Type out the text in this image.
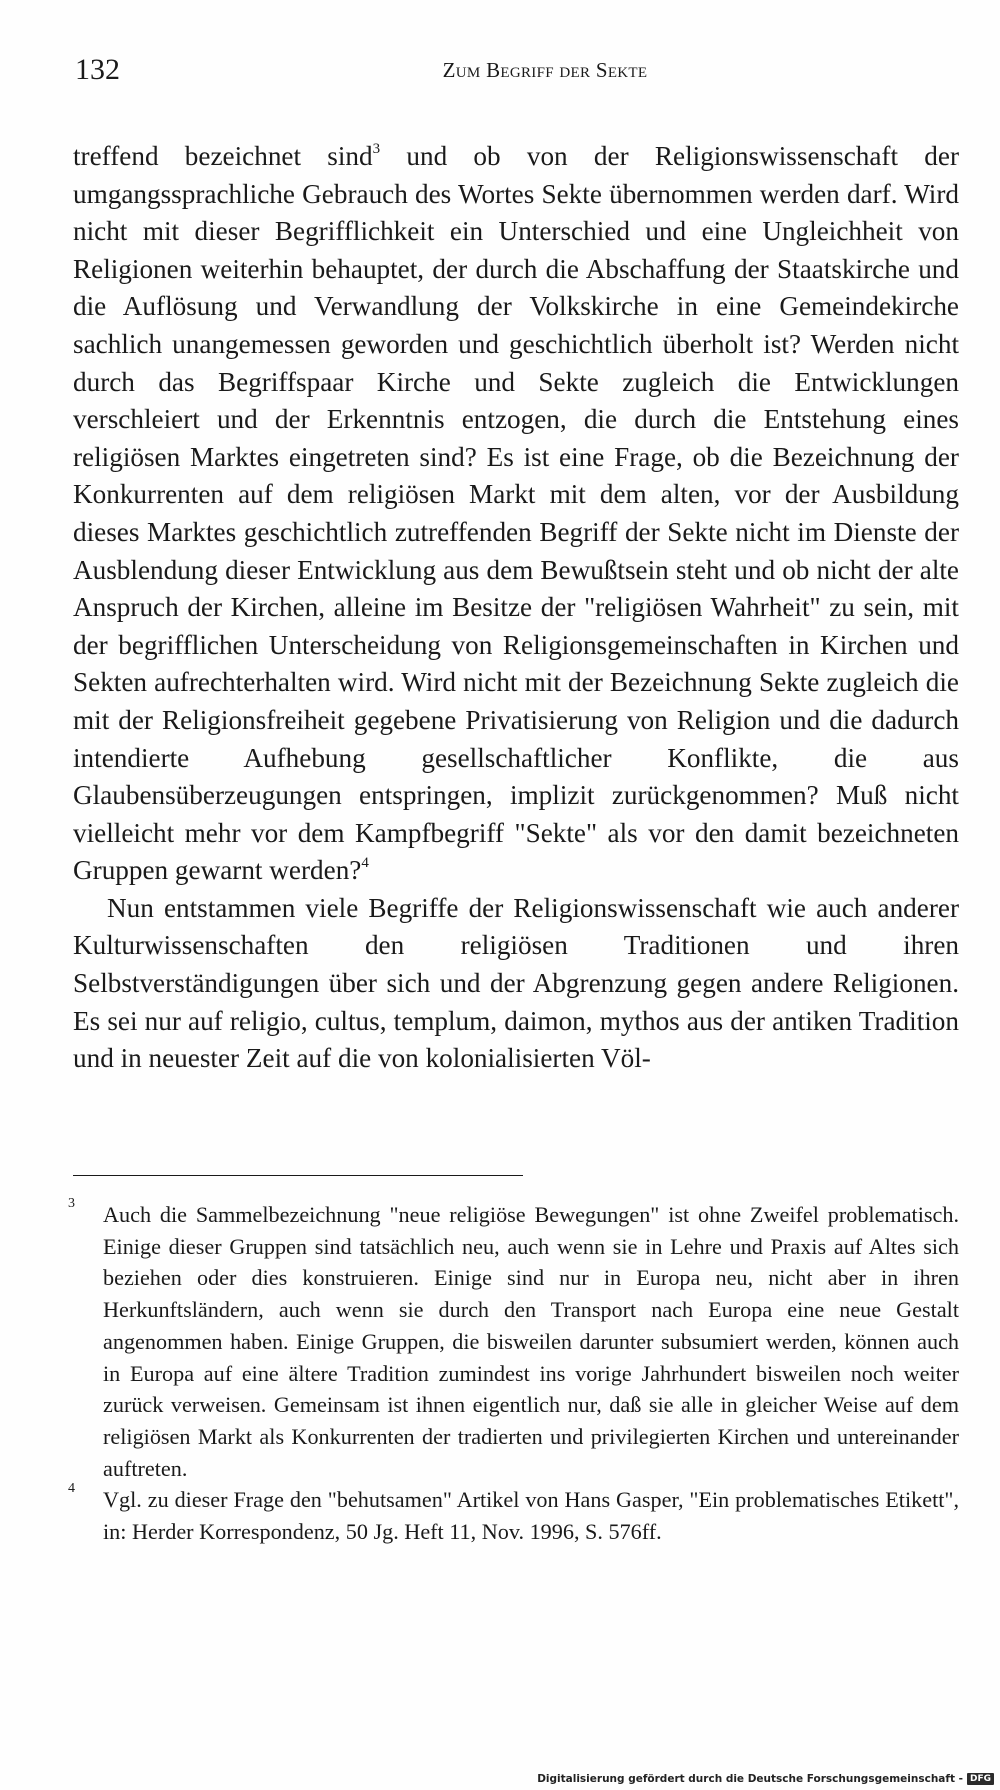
132	Zum Begriff der Sekte

treffend bezeichnet sind$^3$ und ob von der Religionswissenschaft der umgangssprachliche Gebrauch des Wortes Sekte übernommen werden darf. Wird nicht mit dieser Begrifflichkeit ein Unterschied und eine Ungleichheit von Religionen weiterhin behauptet, der durch die Abschaffung der Staatskirche und die Auflösung und Verwandlung der Volkskirche in eine Gemeindekirche sachlich unangemessen geworden und geschichtlich überholt ist? Werden nicht durch das Begriffspaar Kirche und Sekte zugleich die Entwicklungen verschleiert und der Erkenntnis entzogen, die durch die Entstehung eines religiösen Marktes eingetreten sind? Es ist eine Frage, ob die Bezeichnung der Konkurrenten auf dem religiösen Markt mit dem alten, vor der Ausbildung dieses Marktes geschichtlich zutreffenden Begriff der Sekte nicht im Dienste der Ausblendung dieser Entwicklung aus dem Bewußtsein steht und ob nicht der alte Anspruch der Kirchen, alleine im Besitze der "religiösen Wahrheit" zu sein, mit der begrifflichen Unterscheidung von Religionsgemeinschaften in Kirchen und Sekten aufrechterhalten wird. Wird nicht mit der Bezeichnung Sekte zugleich die mit der Religionsfreiheit gegebene Privatisierung von Religion und die dadurch intendierte Aufhebung gesellschaftlicher Konflikte, die aus Glaubensüberzeugungen entspringen, implizit zurückgenommen? Muß nicht vielleicht mehr vor dem Kampfbegriff "Sekte" als vor den damit bezeichneten Gruppen gewarnt werden?$^4$

Nun entstammen viele Begriffe der Religionswissenschaft wie auch anderer Kulturwissenschaften den religiösen Traditionen und ihren Selbstverständigungen über sich und der Abgrenzung gegen andere Religionen. Es sei nur auf religio, cultus, templum, daimon, mythos aus der antiken Tradition und in neuester Zeit auf die von kolonialisierten Völ-

3 Auch die Sammelbezeichnung "neue religiöse Bewegungen" ist ohne Zweifel problematisch. Einige dieser Gruppen sind tatsächlich neu, auch wenn sie in Lehre und Praxis auf Altes sich beziehen oder dies konstruieren. Einige sind nur in Europa neu, nicht aber in ihren Herkunftsländern, auch wenn sie durch den Transport nach Europa eine neue Gestalt angenommen haben. Einige Gruppen, die bisweilen darunter subsumiert werden, können auch in Europa auf eine ältere Tradition zumindest ins vorige Jahrhundert bisweilen noch weiter zurück verweisen. Gemeinsam ist ihnen eigentlich nur, daß sie alle in gleicher Weise auf dem religiösen Markt als Konkurrenten der tradierten und privilegierten Kirchen und untereinander auftreten.
4 Vgl. zu dieser Frage den "behutsamen" Artikel von Hans Gasper, "Ein problematisches Etikett", in: Herder Korrespondenz, 50 Jg. Heft 11, Nov. 1996, S. 576ff.
Digitalisierung gefördert durch die Deutsche Forschungsgemeinschaft - DFG
